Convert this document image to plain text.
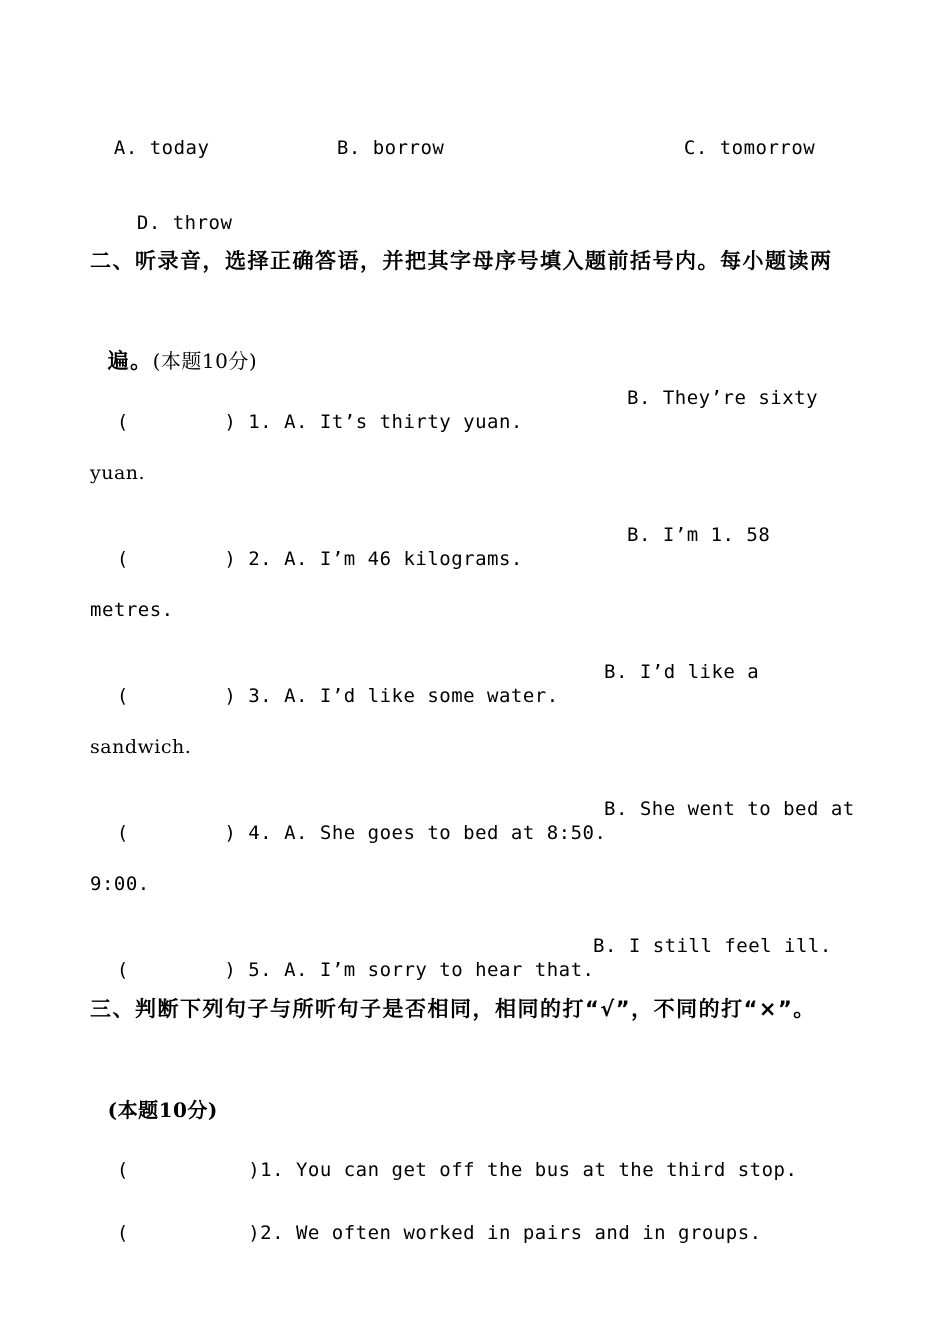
A. today	B. borrow	C. tomorrow

D. throw

二、听录音，选择正确答语，并把其字母序号填入题前括号内。每小题读两

遍。(本题10分)

(        ) 1. A. It’s thirty yuan.

B. They’re sixty
yuan.

(        ) 2. A. I’m 46 kilograms.

B. I’m 1. 58
metres.

(        ) 3. A. I’d like some water.

B. I’d like a
sandwich.

(        ) 4. A. She goes to bed at 8:50.

B. She went to bed at
9:00.

(        ) 5. A. I’m sorry to hear that.

B. I still feel ill.
三、判断下列句子与所听句子是否相同，相同的打“√”，不同的打“×”。

(本题10分)

(          )1. You can get off the bus at the third stop.

(          )2. We often worked in pairs and in groups.
